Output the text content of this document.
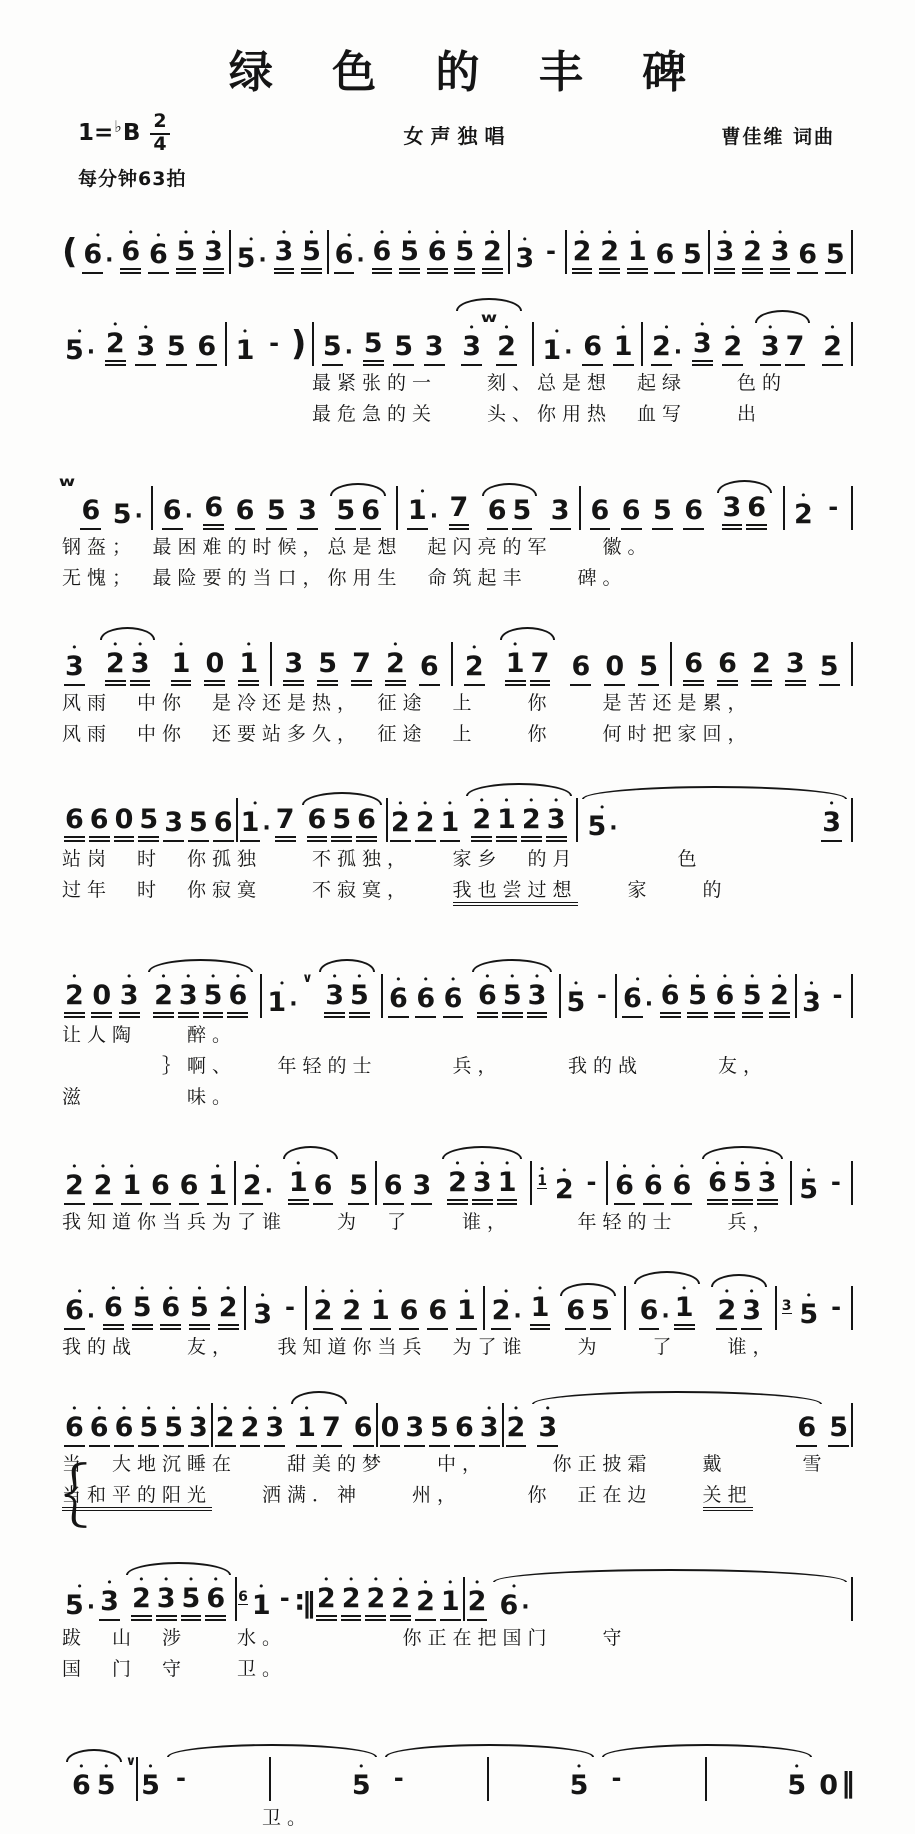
绿 色 的 丰 碑
女声独唱	曹佳维 词曲
1= ♭ B 2
4
每分钟63拍
( •
6 ·
•
6
•
6
•
5
•
3 •
5 ·
•
3
•
5
•
6 ·
•
6
•
5
•
6
•
5
•
2 •
3 -
•
2
•
2
•
1 6 5
•
3
•
2
•
3 6 5
•
5 ·
•
2
•
3 5 6 •
1 - ) 5 · 5 5 3
•
3
w
•
2	•
1 · 6
•
1
•
2 ·
•
3
•
2
•
3 7
•
2
　　　　　　　　　　最紧张的一　　刻、总是想　起绿　　色的
　　　　　　　　　　最危急的关　　头、你用热　血写　　出
w
6 5 · 6 · 6 6 5 3 5 6
•
1 · 7 6 5 3 6 6 5 6 3 6	•
2 -
钢盔；　最困难的时候，总是想　起闪亮的军　　徽。
无愧；　最险要的当口，你用生　命筑起丰　　碑。
•
3
•
2
•
3
•
1 0
•
1 3 5 7
•
2 6
•
2
•
1 7 6 0 5 6 6 2 3 5
风雨　中你　是冷还是热，　征途　上　　你　　是苦还是累，
风雨　中你　还要站多久，　征途　上　　你　　何时把家回，
6 6 0 5 3 5 6
•
1 · 7 6 5 6
•
2
•
2
•
1
•
2
•
1
•
2
•
3	•
5 ·
•
3
站岗　时　你孤独　　不孤独，　　家乡　的月　　　　色
过年　时　你寂寞　　不寂寞，　　我也尝过想　　家　　的
•
2 0
•
3
•
2
•
3
•
5
•
6	•
1 ·
∨ •
3
•
5
•
6
•
6
•
6
•
6
•
5
•
3 •
5 -
•
6 ·
•
6
•
5
•
6
•
5
•
2 •
3 -
让人陶　　醉。
　　　　｝啊、　　年轻的士　　　兵，　　　我的战　　　友，
滋　　　　味。
•
2
•
2
•
1 6 6
•
1
•
2 ·
•
1 6 5 6 3
•
2
•
3
•
1	•
1
•
2 -
•
6
•
6
•
6
•
6
•
5
•
3	•
5 -
我知道你当兵为了谁　　为　了　　谁，　　　年轻的士　　兵，
•
6 ·
•
6
•
5
•
6
•
5
•
2 •
3 -
•
2
•
2
•
1 6 6
•
1
•
2 ·
•
1 6 5 6 ·
•
1
•
2
•
3 3
•
5 -
我的战　　友，　　我知道你当兵　为了谁　　为　　了　　谁，
•
6
•
6
•
6
•
5
•
5
•
3
•
2
•
2
•
3
•
1 7 6 0 3 5 6
•
3
•
2
•
3	6 5
｛
当　大地沉睡在　　甜美的梦　　中，　　　你正披霜　　戴　　　雪
当和平的阳光　　洒满．神　　州，　　　你　正在边　　关把
•
5 ·
•
3
•
2
•
3
•
5
•
6 6
•
1 - ∶‖
•
2
•
2
•
2
•
2
•
2
•
1
•
2 •
6 ·
跋　山　涉　　水。　　　　　你正在把国门　　守
国　门　守　　卫。
•
6
•
5
∨ •
5 -	•
5 -	•
5 -	•
5 0 ‖
　　　　　　　　卫。
